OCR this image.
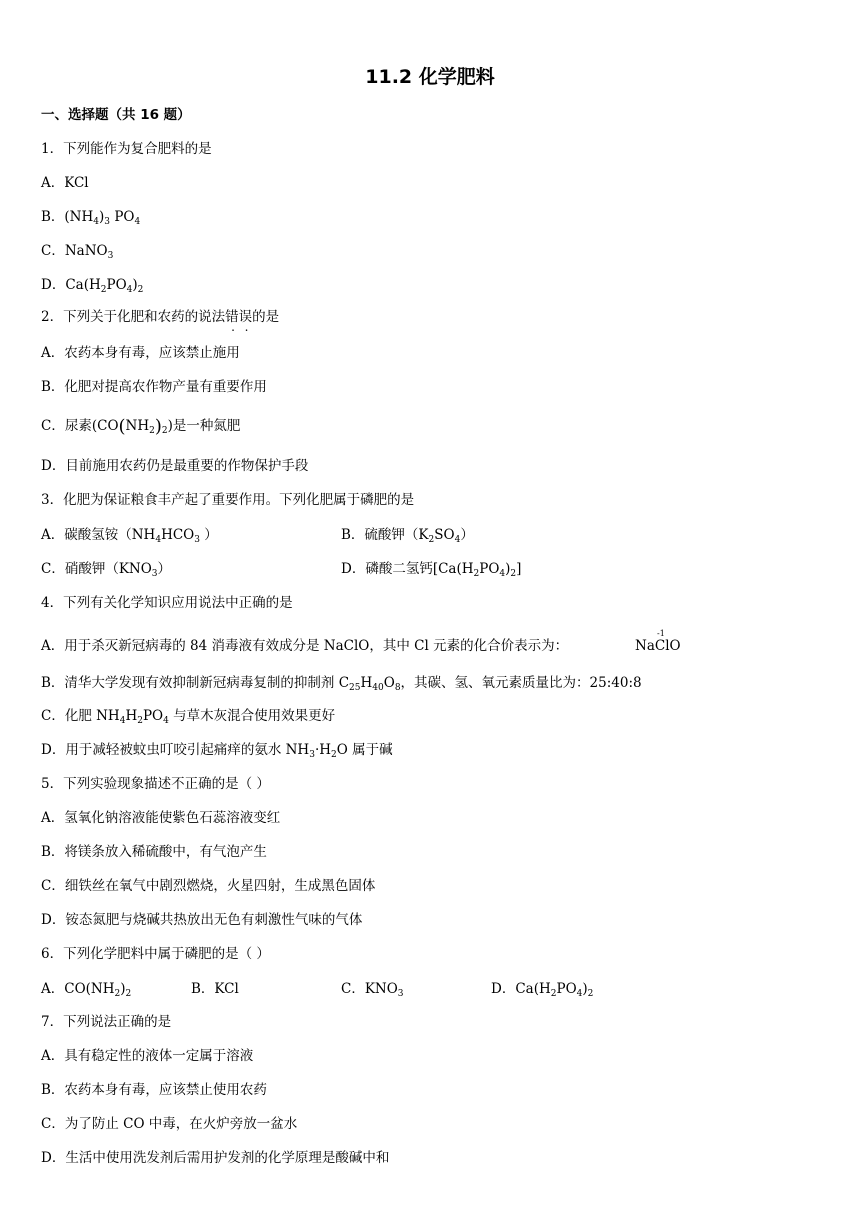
11.2 化学肥料
一、选择题（共 16 题）
1．下列能作为复合肥料的是
A．KCl
B．$(NH_4)_3$ $PO_4$
C．NaNO$_3$
D．$Ca(H_2PO_4)_2$
2．下列关于化肥和农药的说法错误的是
A．农药本身有毒，应该禁止施用
B．化肥对提高农作物产量有重要作用
C．尿素$(CO(NH_2)_2)$是一种氮肥
D．目前施用农药仍是最重要的作物保护手段
3．化肥为保证粮食丰产起了重要作用。下列化肥属于磷肥的是
A．碳酸氢铵（$NH_4HCO_3$ ）	B．硫酸钾$(K_2SO_4)$
C．硝酸钾$(KNO_3)$	D．磷酸二氢钙$[Ca(H_2PO_4)_2]$
4．下列有关化学知识应用说法中正确的是
A．用于杀灭新冠病毒的 84 消毒液有效成分是 NaClO，其中 Cl 元素的化合价表示为：	NaClO
-1
B．清华大学发现有效抑制新冠病毒复制的抑制剂 $C_{25}H_{40}O_8$，其碳、氢、氧元素质量比为：25:40:8
C．化肥 $NH_4H_2PO_4$ 与草木灰混合使用效果更好
D．用于减轻被蚊虫叮咬引起痛痒的氨水 $NH_3\cdot H_2O$ 属于碱
5．下列实验现象描述不正确的是（ ）
A．氢氧化钠溶液能使紫色石蕊溶液变红
B．将镁条放入稀硫酸中，有气泡产生
C．细铁丝在氧气中剧烈燃烧，火星四射，生成黑色固体
D．铵态氮肥与烧碱共热放出无色有刺激性气味的气体
6．下列化学肥料中属于磷肥的是（ ）
A．$CO(NH_2)_2$	B．KCl	C．$KNO_3$	D．$Ca(H_2PO_4)_2$
7．下列说法正确的是
A．具有稳定性的液体一定属于溶液
B．农药本身有毒，应该禁止使用农药
C．为了防止 CO 中毒，在火炉旁放一盆水
D．生活中使用洗发剂后需用护发剂的化学原理是酸碱中和
